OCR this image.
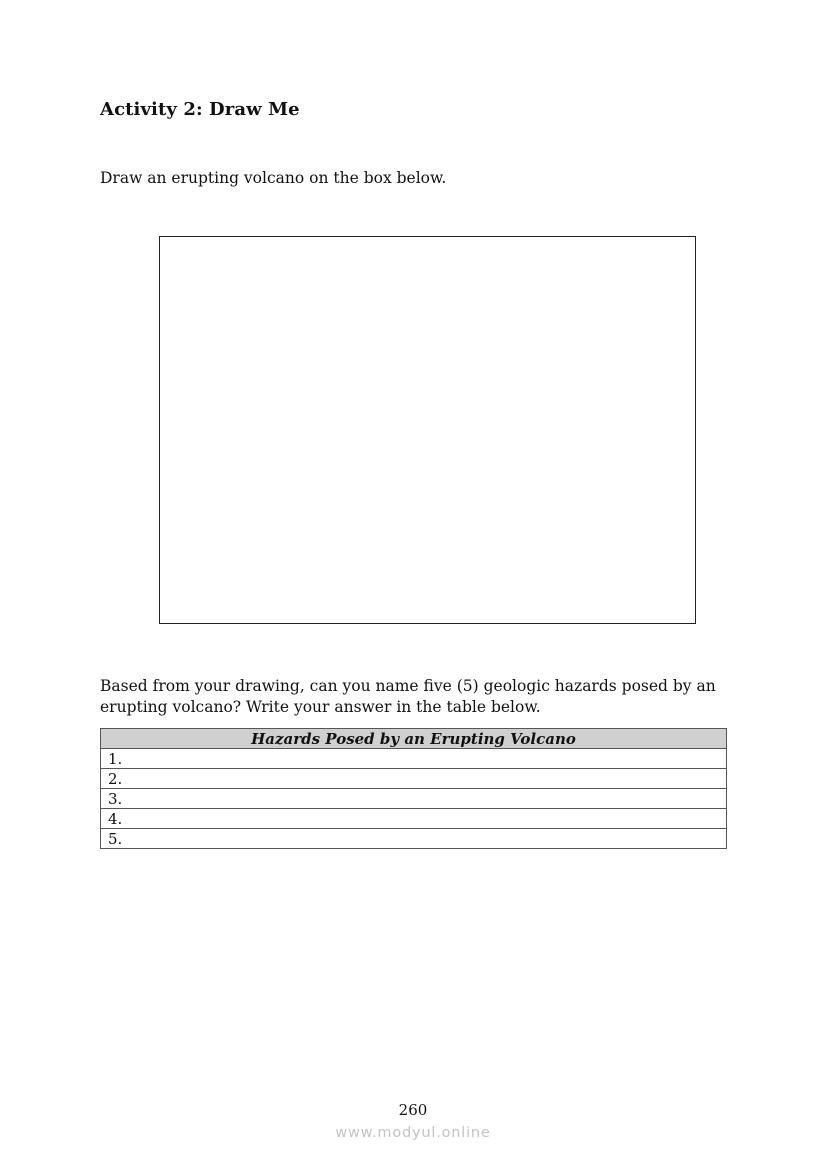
Activity 2: Draw Me

Draw an erupting volcano on the box below.

Based from your drawing, can you name five (5) geologic hazards posed by an erupting volcano? Write your answer in the table below.

Hazards Posed by an Erupting Volcano
1.
2.
3.
4.
5.

260

www.modyul.online
